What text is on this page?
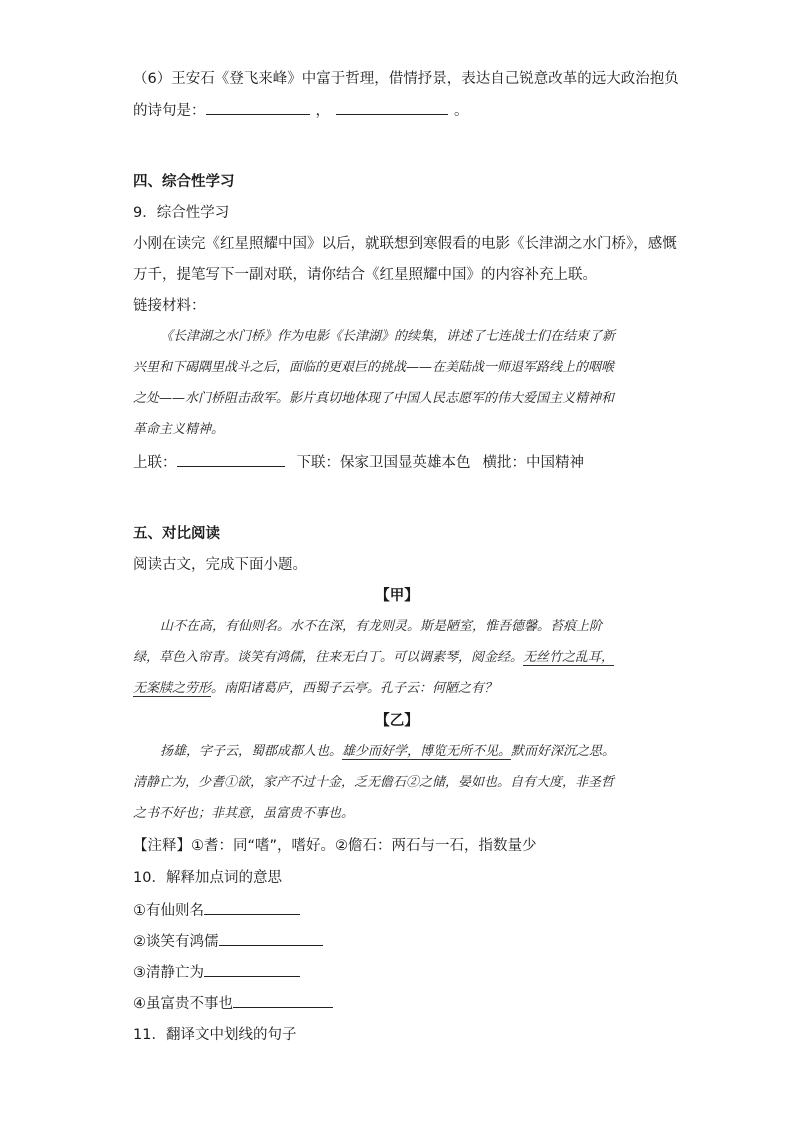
（6）王安石《登飞来峰》中富于哲理，借情抒景，表达自己锐意改革的远大政治抱负
的诗句是：	，	。
四、综合性学习
9．综合性学习
小刚在读完《红星照耀中国》以后，就联想到寒假看的电影《长津湖之水门桥》，感慨
万千，提笔写下一副对联，请你结合《红星照耀中国》的内容补充上联。
链接材料：
《长津湖之水门桥》作为电影《长津湖》的续集，讲述了七连战士们在结束了新
兴里和下碣隅里战斗之后，面临的更艰巨的挑战——在美陆战一师退军路线上的咽喉
之处——水门桥阻击敌军。影片真切地体现了中国人民志愿军的伟大爱国主义精神和
革命主义精神。
上联：	下联：保家卫国显英雄本色 横批：中国精神
五、对比阅读
阅读古文，完成下面小题。
【甲】
山不在高，有仙则名。水不在深，有龙则灵。斯是陋室，惟吾德馨。苔痕上阶
绿，草色入帘青。谈笑有鸿儒，往来无白丁。可以调素琴，阅金经。无丝竹之乱耳，
无案牍之劳形。南阳诸葛庐，西蜀子云亭。孔子云：何陋之有？
【乙】
扬雄，字子云，蜀郡成都人也。雄少而好学，博览无所不见。默而好深沉之思。
清静亡为，少耆①欲，家产不过十金，乏无儋石②之储，晏如也。自有大度，非圣哲
之书不好也；非其意，虽富贵不事也。
【注释】①耆：同“嗜”，嗜好。②儋石：两石与一石，指数量少
10．解释加点词的意思
①有仙则名
②谈笑有鸿儒
③清静亡为
④虽富贵不事也
11．翻译文中划线的句子
